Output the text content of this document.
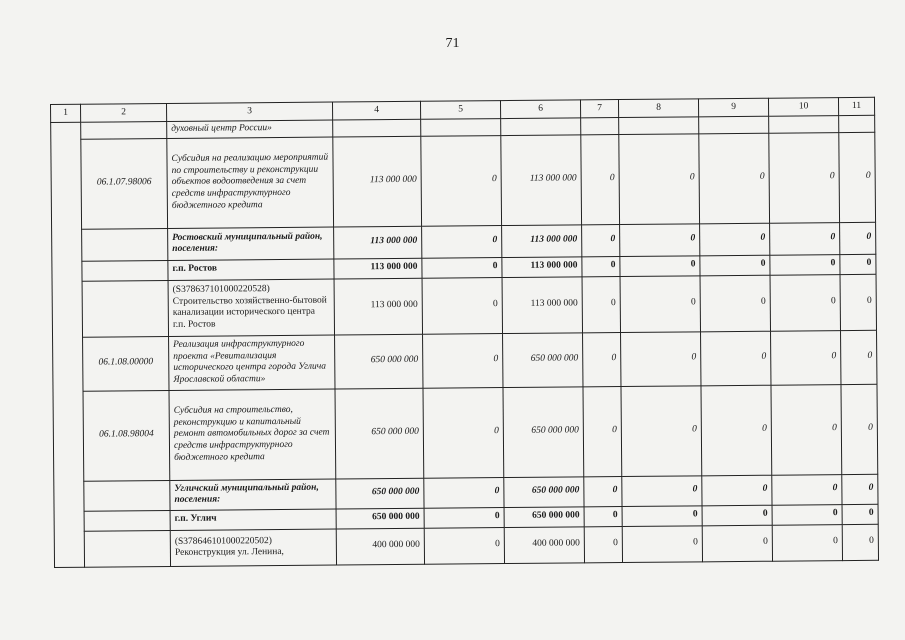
71
1	2	3	4	5	6	7	8	9	10	11
		духовный центр России»								
	06.1.07.98006	Субсидия на реализацию мероприятий по строительству и реконструкции объектов водоотведения за счет средств инфраструктурного бюджетного кредита	113 000 000	0	113 000 000	0	0	0	0	0
		Ростовский муниципальный район, поселения:	113 000 000	0	113 000 000	0	0	0	0	0
		г.п. Ростов	113 000 000	0	113 000 000	0	0	0	0	0
		(S378637101000220528) Строительство хозяйственно-бытовой канализации исторического центра г.п. Ростов	113 000 000	0	113 000 000	0	0	0	0	0
	06.1.08.00000	Реализация инфраструктурного проекта «Ревитализация исторического центра города Углича Ярославской области»	650 000 000	0	650 000 000	0	0	0	0	0
	06.1.08.98004	Субсидия на строительство, реконструкцию и капитальный ремонт автомобильных дорог за счет средств инфраструктурного бюджетного кредита	650 000 000	0	650 000 000	0	0	0	0	0
		Угличский муниципальный район, поселения:	650 000 000	0	650 000 000	0	0	0	0	0
		г.п. Углич	650 000 000	0	650 000 000	0	0	0	0	0
		(S378646101000220502) Реконструкция ул. Ленина,	400 000 000	0	400 000 000	0	0	0	0	0
